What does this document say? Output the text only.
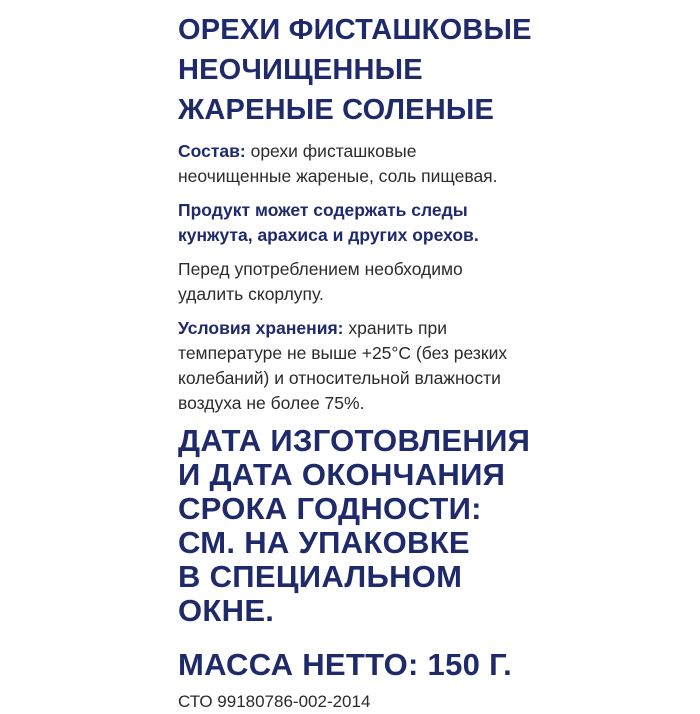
ОРЕХИ ФИСТАШКОВЫЕ
НЕОЧИЩЕННЫЕ
ЖАРЕНЫЕ СОЛЕНЫЕ
Состав: орехи фисташковые
неочищенные жареные, соль пищевая.
Продукт может содержать следы
кунжута, арахиса и других орехов.
Перед употреблением необходимо
удалить скорлупу.
Условия хранения: хранить при
температуре не выше +25°С (без резких
колебаний) и относительной влажности
воздуха не более 75%.
ДАТА ИЗГОТОВЛЕНИЯ
И ДАТА ОКОНЧАНИЯ
СРОКА ГОДНОСТИ:
СМ. НА УПАКОВКЕ
В СПЕЦИАЛЬНОМ
ОКНЕ.
МАССА НЕТТО: 150 Г.
СТО 99180786-002-2014
